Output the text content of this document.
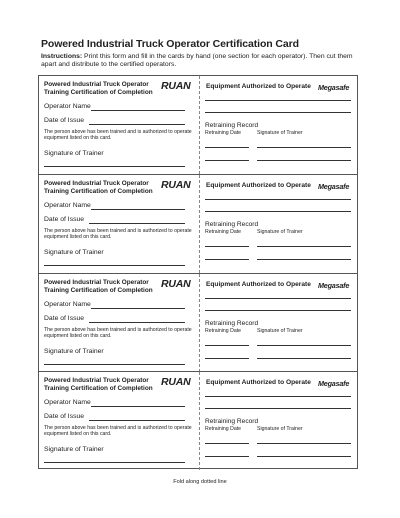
Powered Industrial Truck Operator Certification Card
Instructions: Print this form and fill in the cards by hand (one section for each operator). Then cut them apart and distribute to the certified operators.
Powered Industrial Truck Operator
Training Certification of Completion RUAN
Operator Name
Date of Issue
The person above has been trained and is authorized to operate equipment listed on this card.
Signature of Trainer
Equipment Authorized to Operate Megasafe
Retraining Record
Retraining Date	Signature of Trainer
Powered Industrial Truck Operator
Training Certification of Completion RUAN
Operator Name
Date of Issue
The person above has been trained and is authorized to operate equipment listed on this card.
Signature of Trainer
Equipment Authorized to Operate Megasafe
Retraining Record
Retraining Date	Signature of Trainer
Powered Industrial Truck Operator
Training Certification of Completion RUAN
Operator Name
Date of Issue
The person above has been trained and is authorized to operate equipment listed on this card.
Signature of Trainer
Equipment Authorized to Operate Megasafe
Retraining Record
Retraining Date	Signature of Trainer
Powered Industrial Truck Operator
Training Certification of Completion RUAN
Operator Name
Date of Issue
The person above has been trained and is authorized to operate equipment listed on this card.
Signature of Trainer
Equipment Authorized to Operate Megasafe
Retraining Record
Retraining Date	Signature of Trainer
Fold along dotted line
